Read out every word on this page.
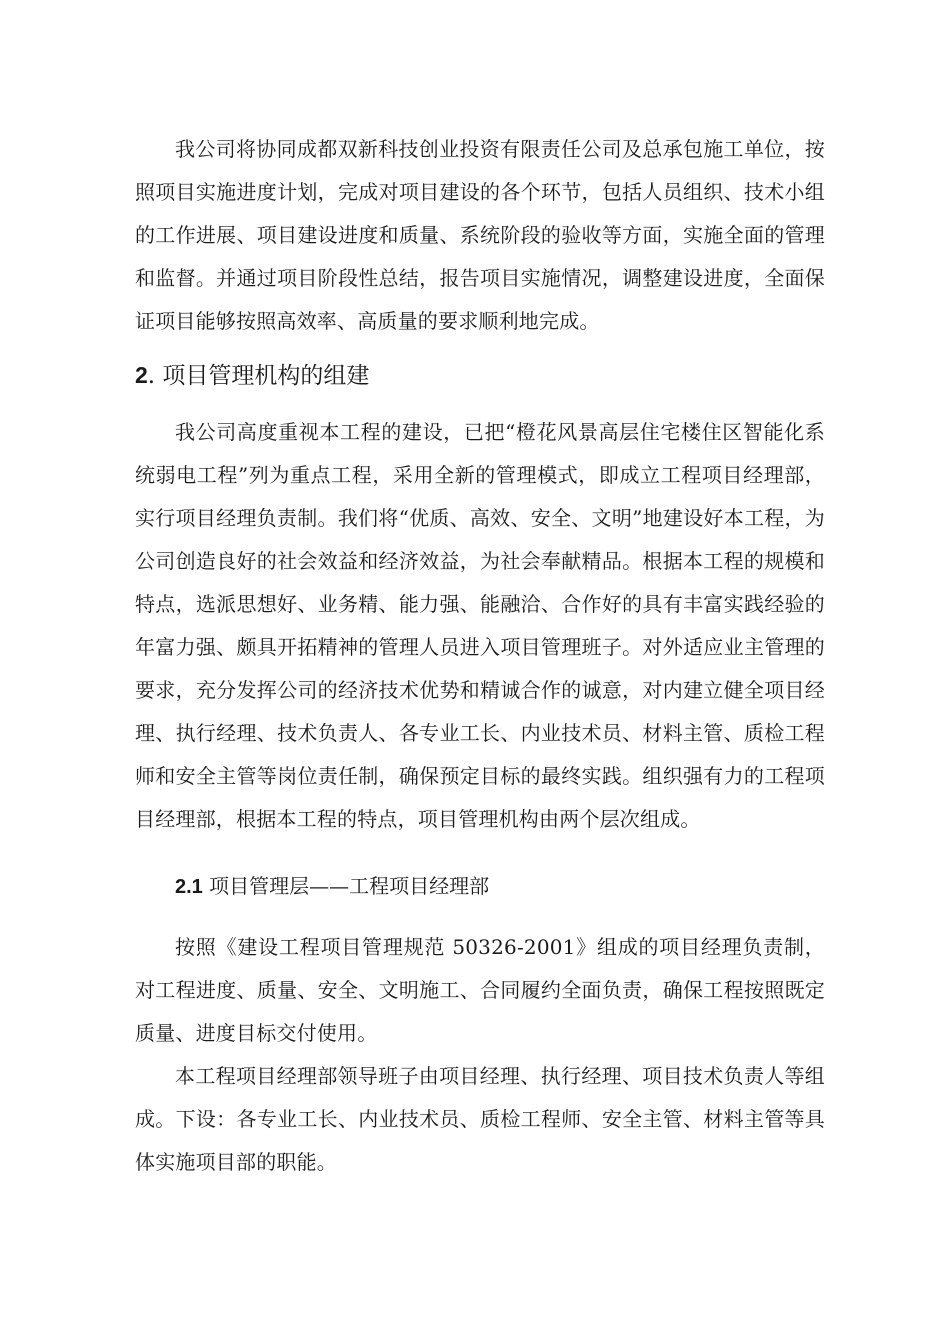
我公司将协同成都双新科技创业投资有限责任公司及总承包施工单位，按照项目实施进度计划，完成对项目建设的各个环节，包括人员组织、技术小组的工作进展、项目建设进度和质量、系统阶段的验收等方面，实施全面的管理和监督。并通过项目阶段性总结，报告项目实施情况，调整建设进度，全面保证项目能够按照高效率、高质量的要求顺利地完成。

2. 项目管理机构的组建

我公司高度重视本工程的建设，已把“橙花风景高层住宅楼住区智能化系统弱电工程”列为重点工程，采用全新的管理模式，即成立工程项目经理部，实行项目经理负责制。我们将“优质、高效、安全、文明”地建设好本工程，为公司创造良好的社会效益和经济效益，为社会奉献精品。根据本工程的规模和特点，选派思想好、业务精、能力强、能融洽、合作好的具有丰富实践经验的年富力强、颇具开拓精神的管理人员进入项目管理班子。对外适应业主管理的要求，充分发挥公司的经济技术优势和精诚合作的诚意，对内建立健全项目经理、执行经理、技术负责人、各专业工长、内业技术员、材料主管、质检工程师和安全主管等岗位责任制，确保预定目标的最终实践。组织强有力的工程项目经理部，根据本工程的特点，项目管理机构由两个层次组成。

2.1 项目管理层——工程项目经理部

按照《建设工程项目管理规范 50326-2001》组成的项目经理负责制，对工程进度、质量、安全、文明施工、合同履约全面负责，确保工程按照既定质量、进度目标交付使用。

本工程项目经理部领导班子由项目经理、执行经理、项目技术负责人等组成。下设：各专业工长、内业技术员、质检工程师、安全主管、材料主管等具体实施项目部的职能。
